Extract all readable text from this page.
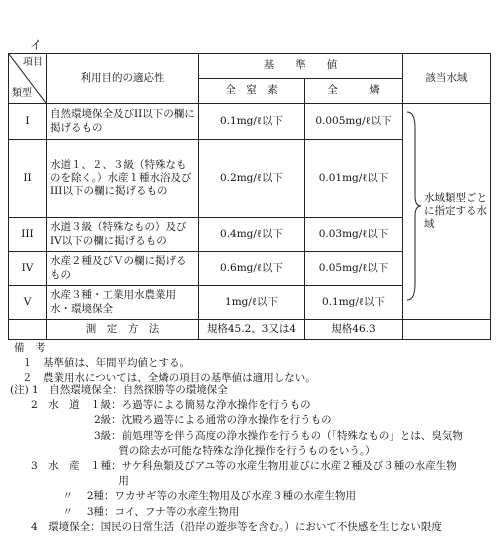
イ
項目
類型	利用目的の適応性	基　　準　　値		該当水域
		全　窒　素	全　　　燐	
I	自然環境保全及びII以下の欄に掲げるもの	0.1mg/ℓ以下	0.005mg/ℓ以下	水域類型ごとに指定する水域

II	水道１、２、３級（特殊なものを除く。）水産１種水浴及びIII以下の欄に掲げるもの	0.2mg/ℓ以下	0.01mg/ℓ以下	
III	水道３級（特殊なもの）及びIV以下の欄に掲げるもの	0.4mg/ℓ以下	0.03mg/ℓ以下	
IV	水産２種及びＶの欄に掲げるもの	0.6mg/ℓ以下	0.05mg/ℓ以下	
V	水産３種・工業用水農業用水・環境保全	1mg/ℓ以下	0.1mg/ℓ以下	
	測　定　方　法	規格45.2、3又は4	規格46.3	
備　考
１　基準値は、年間平均値とする。
２　農業用水については、全燐の項目の基準値は適用しない。
(注) 1　自然環境保全：自然探勝等の環境保全
　　2　水　道　１級：ろ過等による簡易な浄水操作を行うもの
　　　　　　　　2級：沈殿ろ過等による通常の浄水操作を行うもの
　　　　　　　　3級：前処理等を伴う高度の浄水操作を行うもの（「特殊なもの」とは、臭気物
　　　　　　　　　　 質の除去が可能な特殊な浄化操作を行うものをいう。）
　　3　水　産　１種：サケ科魚類及びアユ等の水産生物用並びに水産２種及び３種の水産生物
　　　　　　　　　　 用
　　　　　〃　 2種：ワカサギ等の水産生物用及び水産３種の水産生物用
　　　　　〃　 3種：コイ、フナ等の水産生物用
　　4　環境保全：国民の日常生活（沿岸の遊歩等を含む。）において不快感を生じない限度
